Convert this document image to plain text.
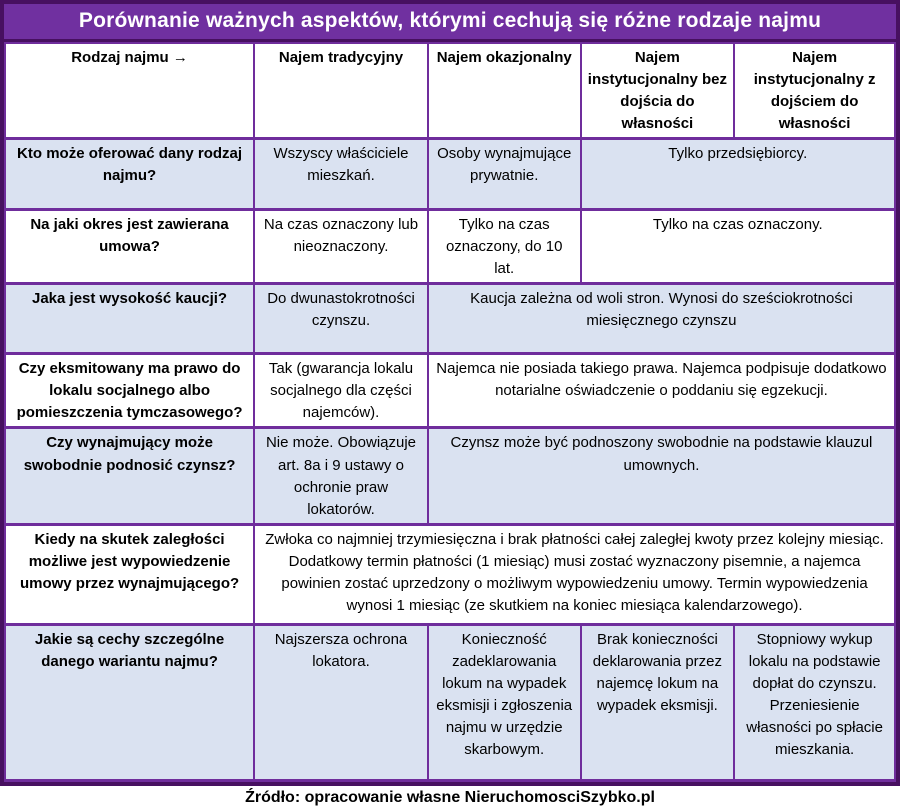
Porównanie ważnych aspektów, którymi cechują się różne rodzaje najmu
Rodzaj najmu →	Najem tradycyjny	Najem okazjonalny	Najem instytucjonalny bez dojścia do własności	Najem instytucjonalny z dojściem do własności
Kto może oferować dany rodzaj najmu?	Wszyscy właściciele mieszkań.	Osoby wynajmujące prywatnie.	Tylko przedsiębiorcy.	
Na jaki okres jest zawierana umowa?	Na czas oznaczony lub nieoznaczony.	Tylko na czas oznaczony, do 10 lat.	Tylko na czas oznaczony.	
Jaka jest wysokość kaucji?	Do dwunastokrotności czynszu.	Kaucja zależna od woli stron. Wynosi do sześciokrotności miesięcznego czynszu		
Czy eksmitowany ma prawo do lokalu socjalnego albo pomieszczenia tymczasowego?	Tak (gwarancja lokalu socjalnego dla części najemców).	Najemca nie posiada takiego prawa. Najemca podpisuje dodatkowo notarialne oświadczenie o poddaniu się egzekucji.		
Czy wynajmujący może swobodnie podnosić czynsz?	Nie może. Obowiązuje art. 8a i 9 ustawy o ochronie praw lokatorów.	Czynsz może być podnoszony swobodnie na podstawie klauzul umownych.		
Kiedy na skutek zaległości możliwe jest wypowiedzenie umowy przez wynajmującego?	Zwłoka co najmniej trzymiesięczna i brak płatności całej zaległej kwoty przez kolejny miesiąc. Dodatkowy termin płatności (1 miesiąc) musi zostać wyznaczony pisemnie, a najemca powinien zostać uprzedzony o możliwym wypowiedzeniu umowy. Termin wypowiedzenia wynosi 1 miesiąc (ze skutkiem na koniec miesiąca kalendarzowego).			
Jakie są cechy szczególne danego wariantu najmu?	Najszersza ochrona lokatora.	Konieczność zadeklarowania lokum na wypadek eksmisji i zgłoszenia najmu w urzędzie skarbowym.	Brak konieczności deklarowania przez najemcę lokum na wypadek eksmisji.	Stopniowy wykup lokalu na podstawie dopłat do czynszu. Przeniesienie własności po spłacie mieszkania.
Źródło: opracowanie własne NieruchomosciSzybko.pl
